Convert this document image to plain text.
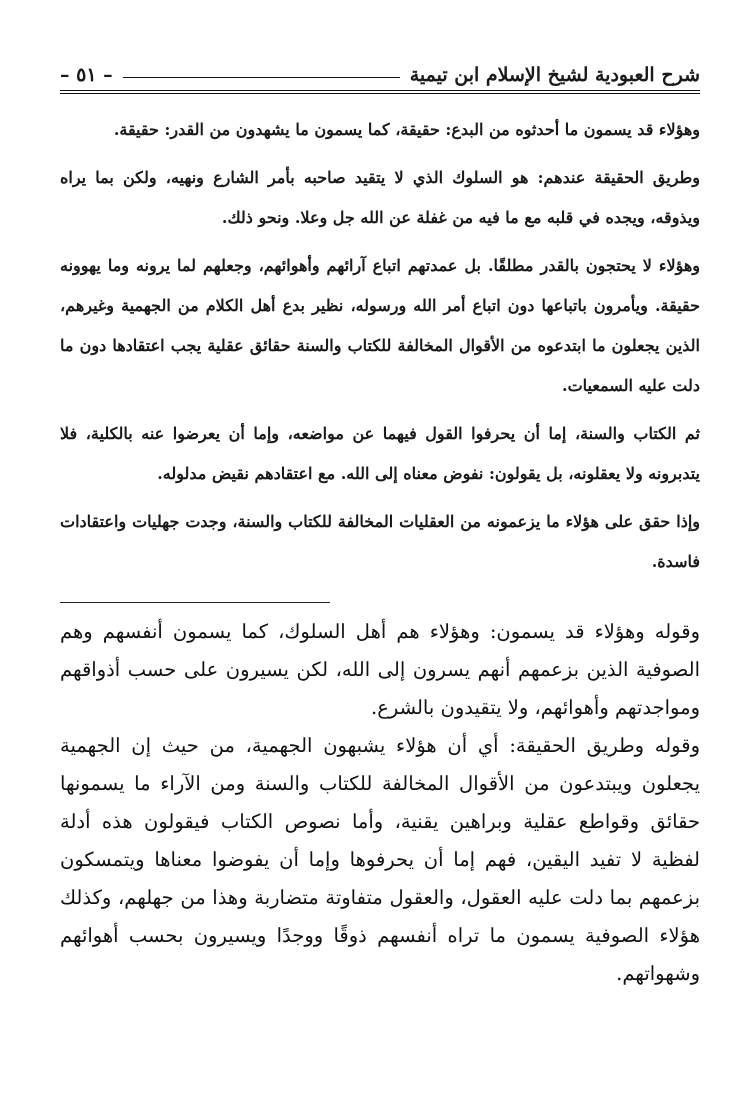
شرح العبودية لشيخ الإسلام ابن تيمية
– ٥١ –

وهؤلاء قد يسمون ما أحدثوه من البدع: حقيقة، كما يسمون ما يشهدون من القدر: حقيقة.

وطريق الحقيقة عندهم: هو السلوك الذي لا يتقيد صاحبه بأمر الشارع ونهيه، ولكن بما يراه ويذوقه، ويجده في قلبه مع ما فيه من غفلة عن الله جل وعلا. ونحو ذلك.

وهؤلاء لا يحتجون بالقدر مطلقًا. بل عمدتهم اتباع آرائهم وأهوائهم، وجعلهم لما يرونه وما يهوونه حقيقة. ويأمرون باتباعها دون اتباع أمر الله ورسوله، نظير بدع أهل الكلام من الجهمية وغيرهم، الذين يجعلون ما ابتدعوه من الأقوال المخالفة للكتاب والسنة حقائق عقلية يجب اعتقادها دون ما دلت عليه السمعيات.

ثم الكتاب والسنة، إما أن يحرفوا القول فيهما عن مواضعه، وإما أن يعرضوا عنه بالكلية، فلا يتدبرونه ولا يعقلونه، بل يقولون: نفوض معناه إلى الله. مع اعتقادهم نقيض مدلوله.

وإذا حقق على هؤلاء ما يزعمونه من العقليات المخالفة للكتاب والسنة، وجدت جهليات واعتقادات فاسدة.

وقوله وهؤلاء قد يسمون: وهؤلاء هم أهل السلوك، كما يسمون أنفسهم وهم الصوفية الذين بزعمهم أنهم يسرون إلى الله، لكن يسيرون على حسب أذواقهم ومواجدتهم وأهوائهم، ولا يتقيدون بالشرع.

وقوله وطريق الحقيقة: أي أن هؤلاء يشبهون الجهمية، من حيث إن الجهمية يجعلون ويبتدعون من الأقوال المخالفة للكتاب والسنة ومن الآراء ما يسمونها حقائق وقواطع عقلية وبراهين يقنية، وأما نصوص الكتاب فيقولون هذه أدلة لفظية لا تفيد اليقين، فهم إما أن يحرفوها وإما أن يفوضوا معناها ويتمسكون بزعمهم بما دلت عليه العقول، والعقول متفاوتة متضاربة وهذا من جهلهم، وكذلك هؤلاء الصوفية يسمون ما تراه أنفسهم ذوقًا ووجدًا ويسيرون بحسب أهوائهم وشهواتهم.
